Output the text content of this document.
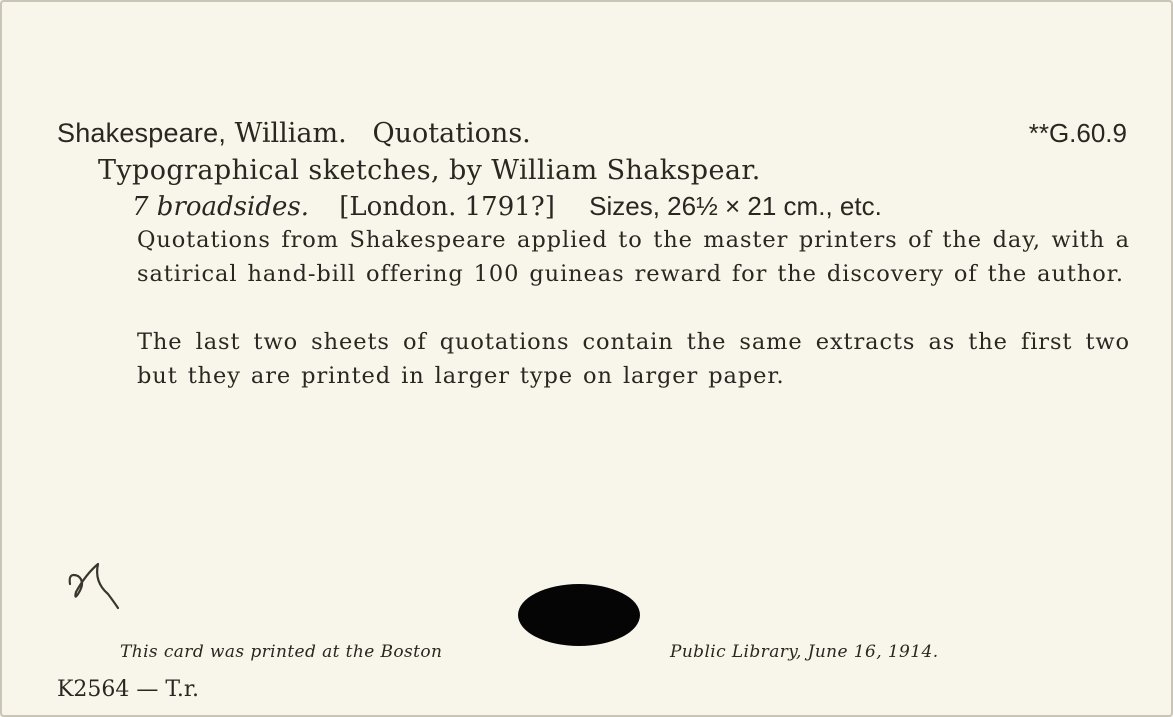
Shakespeare, William. Quotations.	**G.60.9
Typographical sketches, by William Shakspear.
7 broadsides. [London. 1791?] Sizes, 26½ × 21 cm., etc.
Quotations from Shakespeare applied to the master printers of the day, with a satirical hand-bill offering 100 guineas reward for the discovery of the author.
The last two sheets of quotations contain the same extracts as the first two but they are printed in larger type on larger paper.
This card was printed at the Boston	Public Library, June 16, 1914.
K2564 — T.r.
